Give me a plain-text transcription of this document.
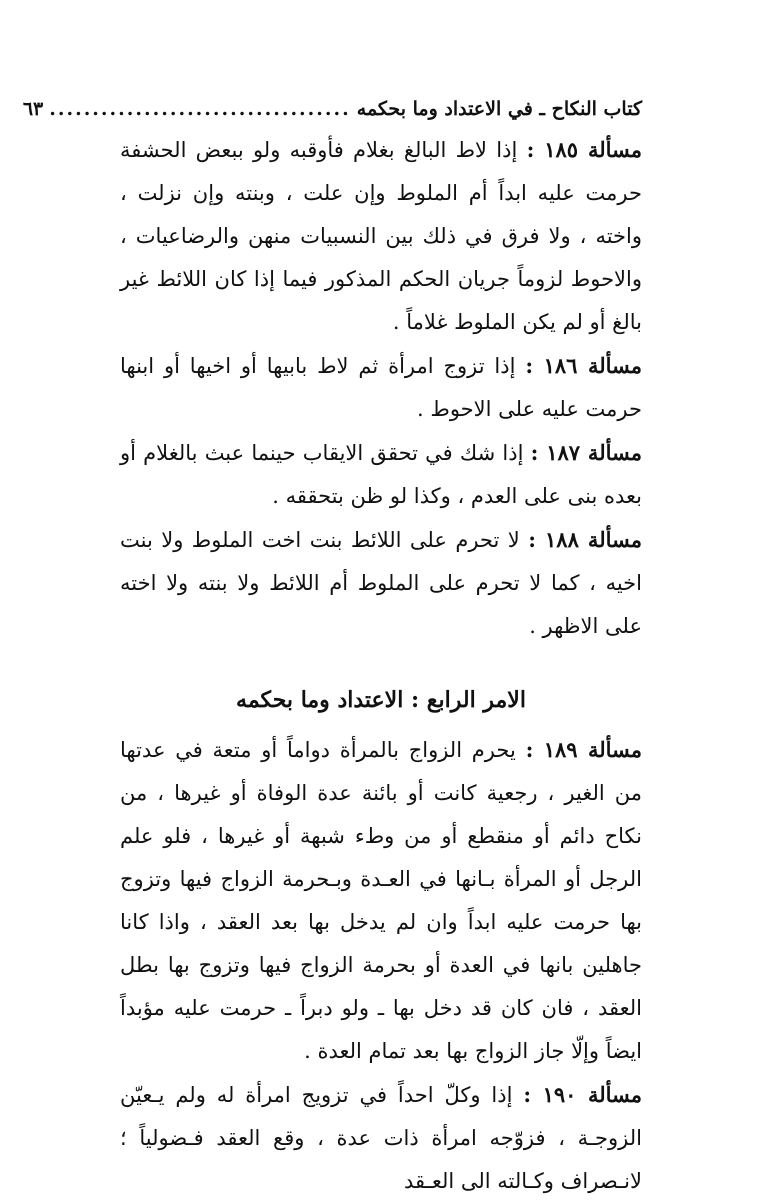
كتاب النكاح ـ في الاعتداد وما بحكمه
...................................
٦٣

مسألة ١٨٥ : إذا لاط البالغ بغلام فأوقبه ولو ببعض الحشفة حرمت عليه ابداً أم الملوط وإن علت ، وبنته وإن نزلت ، واخته ، ولا فرق في ذلك بين النسبيات منهن والرضاعيات ، والاحوط لزوماً جريان الحكم المذكور فيما إذا كان اللائط غير بالغ أو لم يكن الملوط غلاماً .

مسألة ١٨٦ : إذا تزوج امرأة ثم لاط بابيها أو اخيها أو ابنها حرمت عليه على الاحوط .

مسألة ١٨٧ : إذا شك في تحقق الايقاب حينما عبث بالغلام أو بعده بنى على العدم ، وكذا لو ظن بتحققه .

مسألة ١٨٨ : لا تحرم على اللائط بنت اخت الملوط ولا بنت اخيه ، كما لا تحرم على الملوط أم اللائط ولا بنته ولا اخته على الاظهر .

الامر الرابع : الاعتداد وما بحكمه

مسألة ١٨٩ : يحرم الزواج بالمرأة دواماً أو متعة في عدتها من الغير ، رجعية كانت أو بائنة عدة الوفاة أو غيرها ، من نكاح دائم أو منقطع أو من وطء شبهة أو غيرها ، فلو علم الرجل أو المرأة بـانها في العـدة وبـحرمة الزواج فيها وتزوج بها حرمت عليه ابداً وان لم يدخل بها بعد العقد ، واذا كانا جاهلين بانها في العدة أو بحرمة الزواج فيها وتزوج بها بطل العقد ، فان كان قد دخل بها ـ ولو دبراً ـ حرمت عليه مؤبداً ايضاً وإلّا جاز الزواج بها بعد تمام العدة .

مسألة ١٩٠ : إذا وكلّ احداً في تزويج امرأة له ولم يـعيّن الزوجـة ، فزوّجه امرأة ذات عدة ، وقع العقد فـضولياً ؛ لانـصراف وكـالته الى العـقد
